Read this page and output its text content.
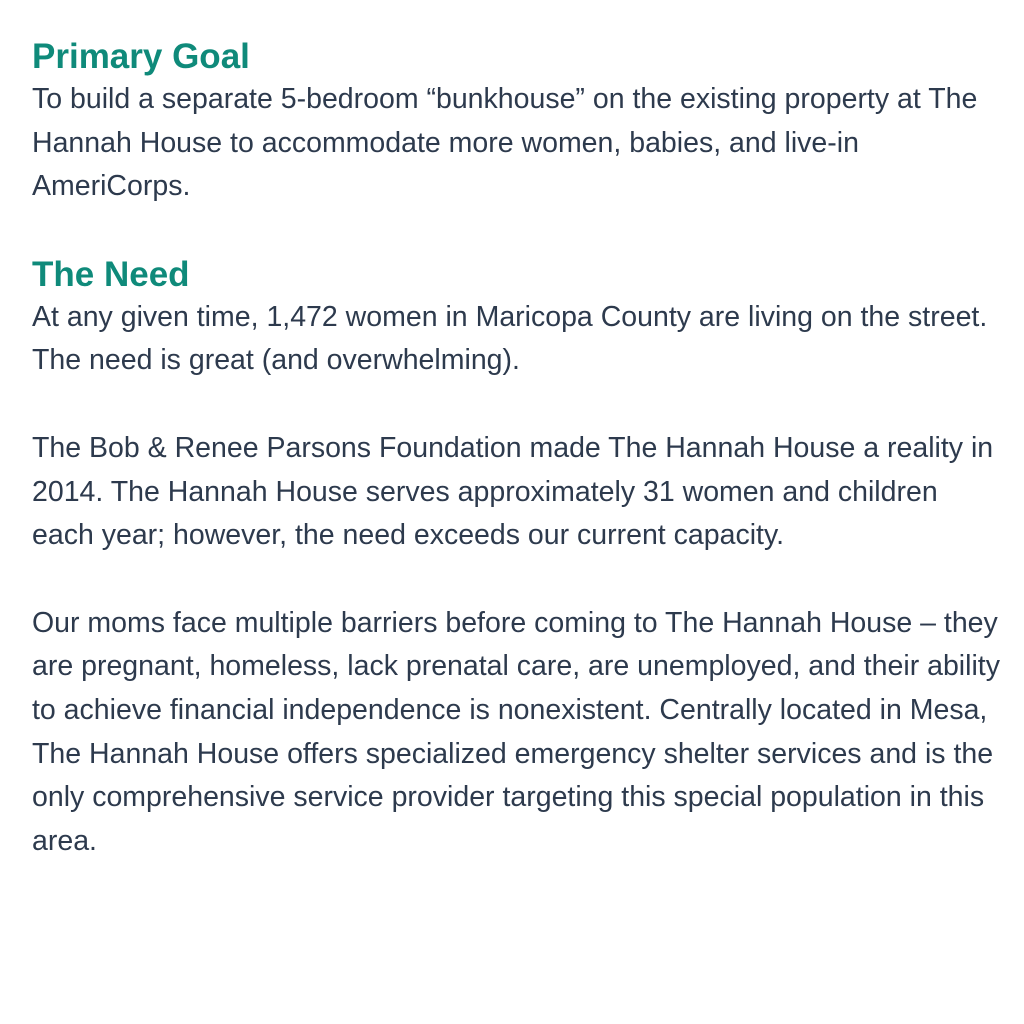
Primary Goal

To build a separate 5-bedroom “bunkhouse” on the existing property at The Hannah House to accommodate more women, babies, and live-in AmeriCorps.

The Need

At any given time, 1,472 women in Maricopa County are living on the street. The need is great (and overwhelming).

The Bob & Renee Parsons Foundation made The Hannah House a reality in 2014. The Hannah House serves approximately 31 women and children each year; however, the need exceeds our current capacity.

Our moms face multiple barriers before coming to The Hannah House – they are pregnant, homeless, lack prenatal care, are unemployed, and their ability to achieve financial independence is nonexistent. Centrally located in Mesa, The Hannah House offers specialized emergency shelter services and is the only comprehensive service provider targeting this special population in this area.
